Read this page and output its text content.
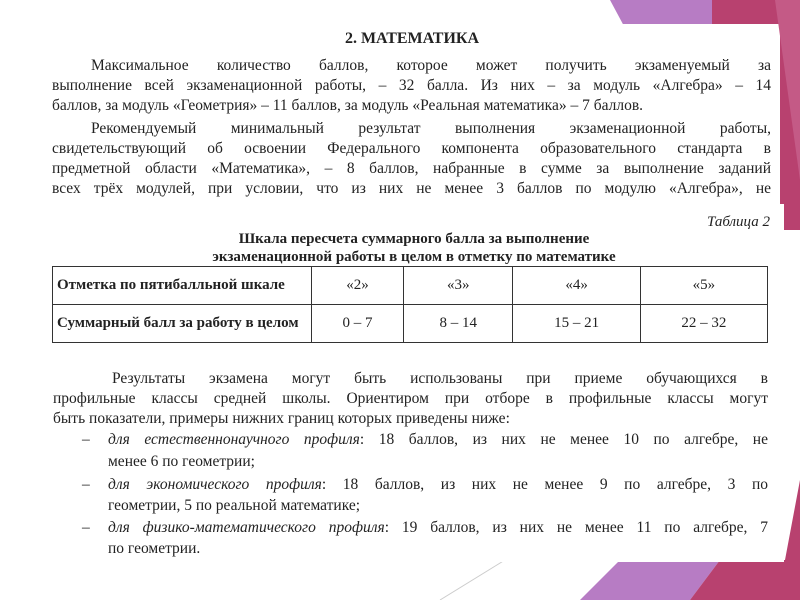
2. МАТЕМАТИКА
Максимальное количество баллов, которое может получить экзаменуемый за
выполнение всей экзаменационной работы, – 32 балла. Из них – за модуль «Алгебра» – 14
баллов, за модуль «Геометрия» – 11 баллов, за модуль «Реальная математика» – 7 баллов.
Рекомендуемый минимальный результат выполнения экзаменационной работы,
свидетельствующий об освоении Федерального компонента образовательного стандарта в
предметной области «Математика», – 8 баллов, набранные в сумме за выполнение заданий
всех трёх модулей, при условии, что из них не менее 3 баллов по модулю «Алгебра», не
Таблица 2
Шкала пересчета суммарного балла за выполнение
экзаменационной работы в целом в отметку по математике
Отметка по пятибалльной шкале	«2»	«3»	«4»	«5»
Суммарный балл за работу в целом	0 – 7	8 – 14	15 – 21	22 – 32
Результаты экзамена могут быть использованы при приеме обучающихся в
профильные классы средней школы. Ориентиром при отборе в профильные классы могут
быть показатели, примеры нижних границ которых приведены ниже:
– для естественнонаучного профиля: 18 баллов, из них не менее 10 по алгебре, не
менее 6 по геометрии;
– для экономического профиля: 18 баллов, из них не менее 9 по алгебре, 3 по
геометрии, 5 по реальной математике;
– для физико-математического профиля: 19 баллов, из них не менее 11 по алгебре, 7
по геометрии.
